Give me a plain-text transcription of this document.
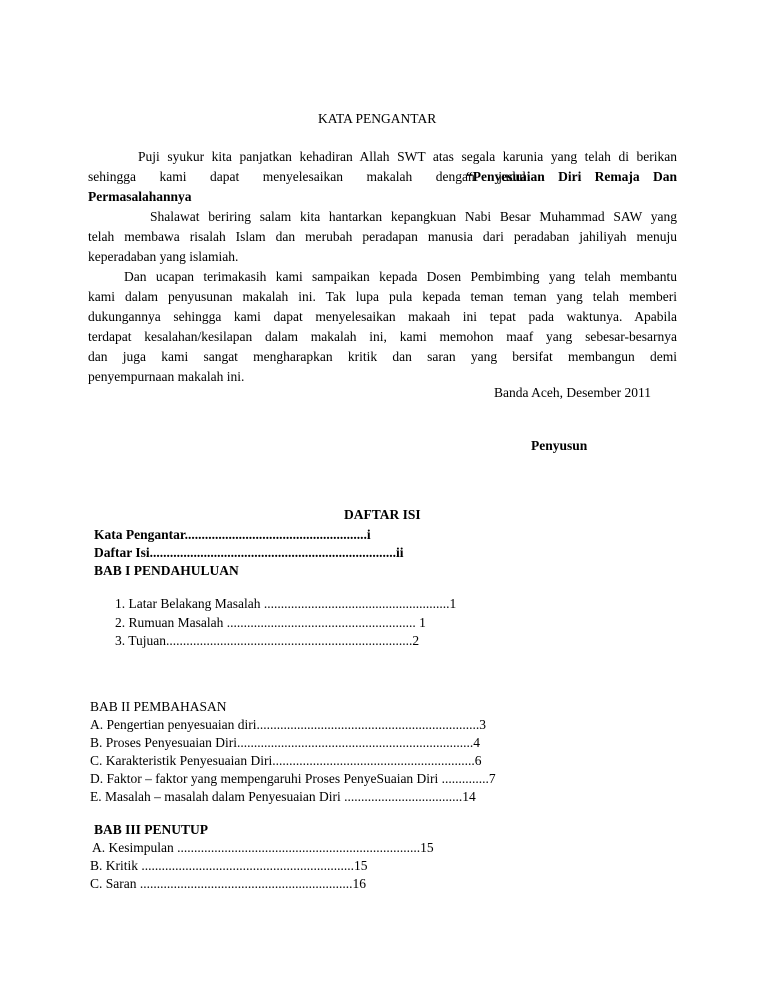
KATA PENGANTAR
Puji syukur kita panjatkan kehadiran Allah SWT atas segala karunia yang telah di berikan
sehingga kami dapat menyelesaikan makalah dengan judul
“Penyesuaian Diri Remaja Dan
Permasalahannya
Shalawat beriring salam kita hantarkan kepangkuan Nabi Besar Muhammad SAW yang
telah membawa risalah Islam dan merubah peradapan manusia dari peradaban jahiliyah menuju
keperadaban yang islamiah.
Dan ucapan terimakasih kami sampaikan kepada Dosen Pembimbing yang telah membantu
kami dalam penyusunan makalah ini. Tak lupa pula kepada teman teman yang telah memberi
dukungannya sehingga kami dapat menyelesaikan makaah ini tepat pada waktunya. Apabila
terdapat kesalahan/kesilapan dalam makalah ini, kami memohon maaf yang sebesar-besarnya
dan juga kami sangat mengharapkan kritik dan saran yang bersifat membangun demi
penyempurnaan makalah ini.
Banda Aceh, Desember 2011
Penyusun
DAFTAR ISI
Kata Pengantar......................................................i
Daftar Isi.........................................................................ii
BAB I PENDAHULUAN
1. Latar Belakang Masalah .......................................................1
2. Rumuan Masalah ........................................................ 1
3. Tujuan.........................................................................2
BAB II PEMBAHASAN
A. Pengertian penyesuaian diri..................................................................3
B. Proses Penyesuaian Diri......................................................................4
C. Karakteristik Penyesuaian Diri............................................................6
D. Faktor – faktor yang mempengaruhi Proses PenyeSuaian Diri ..............7
E. Masalah – masalah dalam Penyesuaian Diri ...................................14
BAB III PENUTUP
A. Kesimpulan ........................................................................15
B. Kritik ...............................................................15
C. Saran ...............................................................16
